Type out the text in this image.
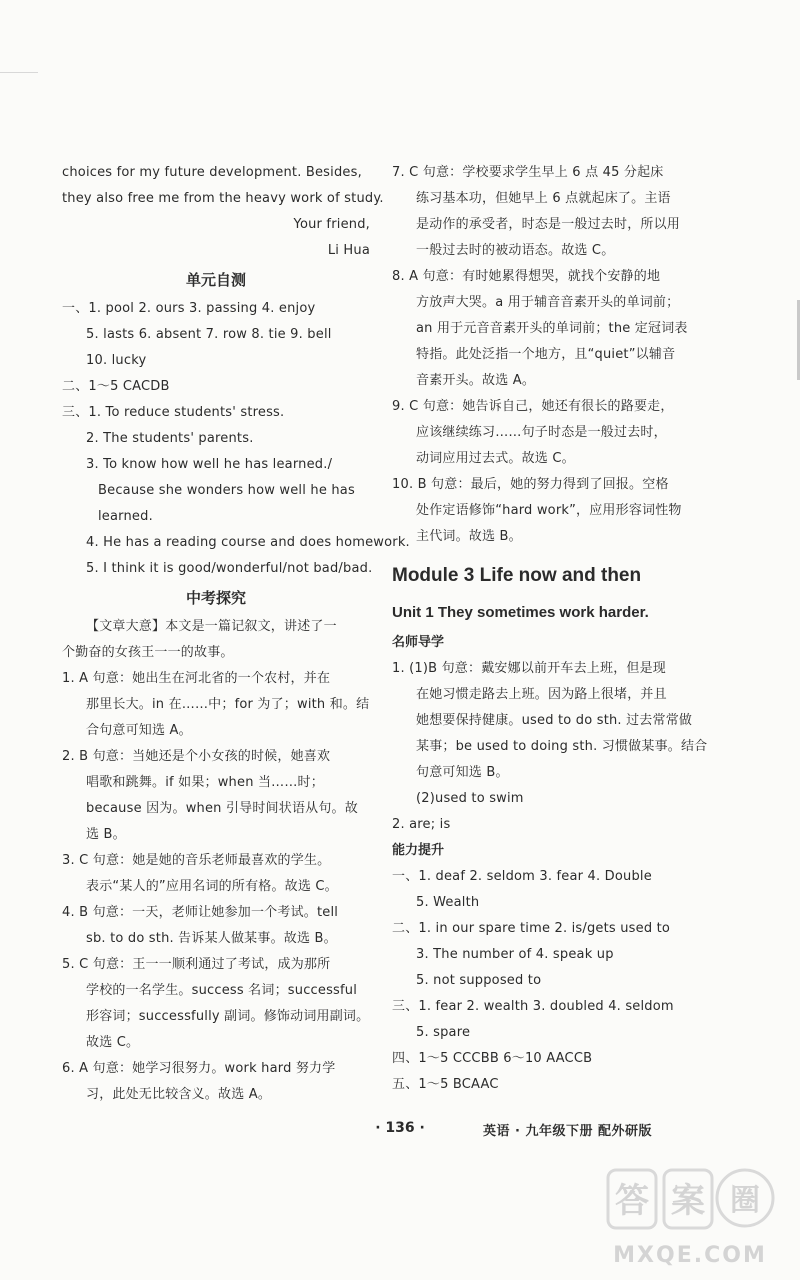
choices for my future development. Besides,

they also free me from the heavy work of study.

Your friend,

Li Hua

单元自测

一、1. pool 2. ours 3. passing 4. enjoy

5. lasts 6. absent 7. row 8. tie 9. bell

10. lucky

二、1～5 CACDB

三、1. To reduce students' stress.

2. The students' parents.

3. To know how well he has learned./

Because she wonders how well he has

learned.

4. He has a reading course and does homework.

5. I think it is good/wonderful/not bad/bad.

中考探究

【文章大意】本文是一篇记叙文，讲述了一

个勤奋的女孩王一一的故事。

1. A 句意：她出生在河北省的一个农村，并在

那里长大。in 在……中；for 为了；with 和。结

合句意可知选 A。

2. B 句意：当她还是个小女孩的时候，她喜欢

唱歌和跳舞。if 如果；when 当……时；

because 因为。when 引导时间状语从句。故

选 B。

3. C 句意：她是她的音乐老师最喜欢的学生。

表示“某人的”应用名词的所有格。故选 C。

4. B 句意：一天，老师让她参加一个考试。tell

sb. to do sth. 告诉某人做某事。故选 B。

5. C 句意：王一一顺利通过了考试，成为那所

学校的一名学生。success 名词；successful

形容词；successfully 副词。修饰动词用副词。

故选 C。

6. A 句意：她学习很努力。work hard 努力学

习，此处无比较含义。故选 A。

7. C 句意：学校要求学生早上 6 点 45 分起床

练习基本功，但她早上 6 点就起床了。主语

是动作的承受者，时态是一般过去时，所以用

一般过去时的被动语态。故选 C。

8. A 句意：有时她累得想哭，就找个安静的地

方放声大哭。a 用于辅音音素开头的单词前；

an 用于元音音素开头的单词前；the 定冠词表

特指。此处泛指一个地方，且“quiet”以辅音

音素开头。故选 A。

9. C 句意：她告诉自己，她还有很长的路要走，

应该继续练习……句子时态是一般过去时，

动词应用过去式。故选 C。

10. B 句意：最后，她的努力得到了回报。空格

处作定语修饰“hard work”，应用形容词性物

主代词。故选 B。

Module 3 Life now and then
Unit 1 They sometimes work harder.
名师导学

1. (1)B 句意：戴安娜以前开车去上班，但是现

在她习惯走路去上班。因为路上很堵，并且

她想要保持健康。used to do sth. 过去常常做

某事；be used to doing sth. 习惯做某事。结合

句意可知选 B。

(2)used to swim

2. are; is

能力提升

一、1. deaf 2. seldom 3. fear 4. Double

5. Wealth

二、1. in our spare time 2. is/gets used to

3. The number of 4. speak up

5. not supposed to

三、1. fear 2. wealth 3. doubled 4. seldom

5. spare

四、1～5 CCCBB 6～10 AACCB

五、1～5 BCAAC

· 136 ·	英语 · 九年级下册 配外研版
答 案 圈
MXQE.COM
